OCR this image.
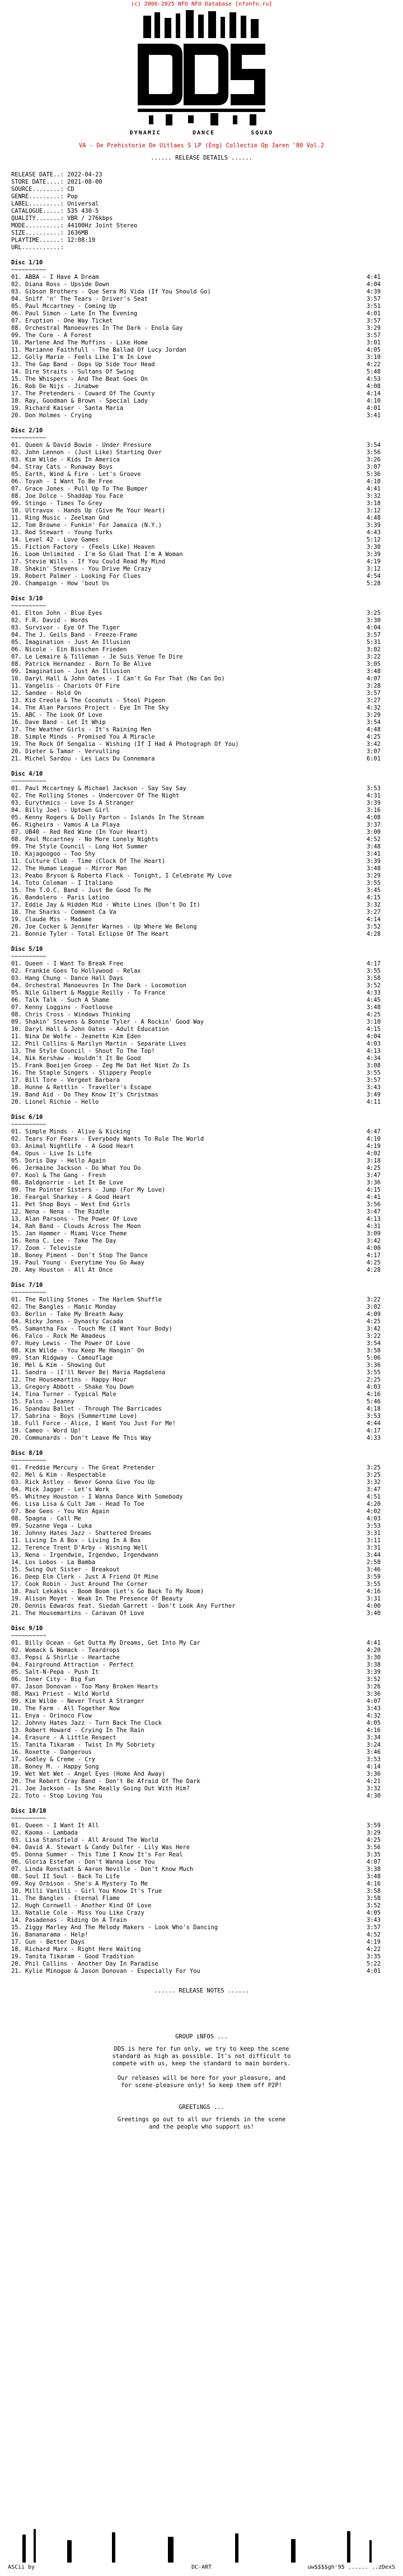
(c) 2006-2025 NFO NFO Database [nfonfo.ru]
DYNAMIC       DANCE        SQUAD
VA - De Prehistorie De Uitlaes S LP (Eng) Collectie Op Jaren '80 Vol.2
...... RELEASE DETAILS ......
RELEASE DATE..: 2022-04-23
STORE DATE....: 2021-08-00
SOURCE........: CD
GENRE.........: Pop
LABEL.........: Universal
CATALOGUE.....: 535 430-5
QUALITY.......: VBR / 276kbps
MODE..........: 44100Hz Joint Stereo
SIZE..........: 1636MB
PLAYTIME......: 12:08:19
URL...........:
Disc 1/10
~~~~~~~~~~
01. ABBA - I Have A Dream	4:41
02. Diana Ross - Upside Down	4:04
03. Gibson Brothers - Que Sera Mi Vida (If You Should Go)	4:39
04. Sniff 'n' The Tears - Driver's Seat	3:57
05. Paul Mccartney - Coming Up	3:51
06. Paul Simon - Late In The Evening	4:01
07. Eruption - One Way Ticket	3:57
08. Orchestral Manoeuvres In The Dark - Enola Gay	3:29
09. The Cure - A Forest	3:57
10. Marlene And The Muffins - Like Home	3:01
11. Marianne Faithfull - The Ballad Of Lucy Jordan	4:05
12. Golly Marie - Feels Like I'm In Love	3:10
13. The Gap Band - Oops Up Side Your Head	4:22
14. Dire Straits - Sultans Of Swing	5:48
15. The Whispers - And The Beat Goes On	4:53
16. Rob De Nijs - Jinabwe	4:08
17. The Pretenders - Coward Of The County	4:14
18. Ray, Goodman & Brown - Special Lady	4:10
19. Richard Kaiser - Santa Maria	4:01
20. Don Holmes - Crying	3:41
Disc 2/10
~~~~~~~~~~
01. Queen & David Bowie - Under Pressure	3:54
02. John Lennon - (Just Like) Starting Over	3:56
03. Kim Wilde - Kids In America	3:26
04. Stray Cats - Runaway Boys	3:07
05. Earth, Wind & Fire - Let's Groove	5:36
06. Toyah - I Want To Be Free	4:10
07. Grace Jones - Pull Up To The Bumper	4:41
08. Joe Dolce - Shaddap You Face	3:32
09. Stingo - Times To Grey	3:18
10. Ultravox - Hands Up (Give Me Your Heart)	3:12
11. Ring Music - Zeelman Gnd	4:48
12. Tom Browne - Funkin' For Jamaica (N.Y.)	3:39
13. Rod Stewart - Young Turks	4:43
14. Level 42 - Love Games	5:12
15. Fiction Factory - (Feels Like) Heaven	3:30
16. Loom Unlimited - I'm So Glad That I'm A Woman	3:39
17. Stevie Wills - If You Could Read My Mind	4:19
18. Shakin' Stevens - You Drive Me Crazy	3:12
19. Robert Palmer - Looking For Clues	4:54
20. Champaign - How 'bout Us	5:28
Disc 3/10
~~~~~~~~~~
01. Elton John - Blue Eyes	3:25
02. F.R. David - Words	3:30
03. Survivor - Eye Of The Tiger	4:04
04. The J. Geils Band - Freeze-Frame	3:57
05. Imagination - Just An Illusion	5:31
06. Nicole - Ein Bisschen Frieden	3:02
07. Le Lemaire & Tilleman - Je Suis Venue Te Dire	3:22
08. Patrick Hernandez - Born To Be Alive	3:05
09. Imagination - Just An Illusion	3:48
10. Daryl Hall & John Oates - I Can't Go For That (No Can Do)	4:07
11. Vangelis - Chariots Of Fire	3:28
12. Sandee - Hold On	3:57
13. Kid Creole & The Coconuts - Stool Pigeon	3:27
14. The Alan Parsons Project - Eye In The Sky	4:32
15. ABC - The Look Of Love	3:29
16. Dave Band - Let It Whip	3:54
17. The Weather Girls - It's Raining Men	4:48
18. Simple Minds - Promised You A Miracle	4:25
19. The Rock Of Sengalia - Wishing (If I Had A Photograph Of You)	3:42
20. Dieter & Tamar - Vervulling	3:07
21. Michel Sardou - Les Lacs Du Connemara	6:01
Disc 4/10
~~~~~~~~~~
01. Paul Mccartney & Michael Jackson - Say Say Say	3:53
02. The Rolling Stones - Undercover Of The Night	4:31
03. Eurythmics - Love Is A Stranger	3:39
04. Billy Joel - Uptown Girl	3:16
05. Kenny Rogers & Dolly Parton - Islands In The Stream	4:08
06. Righeira - Vamos A La Playa	3:37
07. UB40 - Red Red Wine (In Your Heart)	3:00
08. Paul Mccartney - No More Lonely Nights	4:52
09. The Style Council - Long Hot Summer	3:48
10. Kajagoogoo - Too Shy	3:41
11. Culture Club - Time (Clock Of The Heart)	3:39
12. The Human League - Mirror Man	3:48
13. Peabo Bryson & Roberta Flack - Tonight, I Celebrate My Love	3:29
14. Toto Coleman - I Italiano	3:55
15. The T.O.C. Band - Just Be Good To Me	3:45
16. Bandolero - Paris Latino	4:15
17. Eddie Jay & Hidden Mid - White Lines (Don't Do It)	3:32
18. The Sharks - Comment Ca Va	3:27
19. Claude Mis - Madame	4:14
20. Joe Cocker & Jennifer Warnes - Up Where We Belong	3:52
21. Bonnie Tyler - Total Eclipse Of The Heart	4:28
Disc 5/10
~~~~~~~~~~
01. Queen - I Want To Break Free	4:17
02. Frankie Goes To Hollywood - Relax	3:55
03. Hang Chung - Dance Hall Days	3:58
04. Orchestral Manoeuvres In The Dark - Locomotion	3:52
05. Nile Gilbert & Maggie Reilly - To France	4:33
06. Talk Talk - Such A Shame	4:45
07. Kenny Loggins - Footloose	3:48
08. Chris Cross - Windows Thinking	4:25
09. Shakin' Stevens & Bonnie Tyler - A Rockin' Good Way	3:10
10. Daryl Hall & John Oates - Adult Education	4:15
11. Nina De Wolfe - Jeanette Kim Eden	4:04
12. Phil Collins & Marilyn Martin - Separate Lives	4:03
13. The Style Council - Shout To The Top!	4:13
14. Nik Kershaw - Wouldn't It Be Good	4:34
15. Frank Boeijen Groep - Zeg Me Dat Het Niet Zo Is	3:08
16. The Staple Singers - Slippery People	3:55
17. Bill Tore - Vergeet Barbara	3:57
18. Hunne & Rettlin - Traveller's Escape	3:43
19. Band Aid - Do They Know It's Christmas	3:49
20. Lionel Richie - Hello	4:11
Disc 6/10
~~~~~~~~~~
01. Simple Minds - Alive & Kicking	4:47
02. Tears For Fears - Everybody Wants To Rule The World	4:10
03. Animal Nightlife - A Good Heart	4:19
04. Opus - Live Is Life	4:02
05. Doris Day - Hello Again	3:18
06. Jermaine Jackson - Do What You Do	4:25
07. Kool & The Gang - Fresh	3:47
08. Baldgnorrie - Let It Be Love	3:36
09. The Pointer Sisters - Jump (For My Love)	4:15
10. Feargal Sharkey - A Good Heart	4:41
11. Pet Shop Boys - West End Girls	3:56
12. Nena - Nena - The Riddle	3:47
13. Alan Parsons - The Power Of Love	4:13
14. Rah Band - Clouds Across The Moon	4:31
15. Jan Hammer - Miami Vice Theme	3:09
16. Rena C. Lee - Take The Day	3:42
17. Zoom - Televisie	4:00
18. Boney Piment - Don't Stop The Dance	4:17
19. Paul Young - Everytime You Go Away	4:25
20. Amy Houston - All At Once	4:28
Disc 7/10
~~~~~~~~~~
01. The Rolling Stones - The Harlem Shuffle	3:22
02. The Bangles - Manic Monday	3:02
03. Berlin - Take My Breath Away	4:09
04. Ricky Jones - Dynasty Cacada	4:25
05. Samantha Fox - Touch Me (I Want Your Body)	3:42
06. Falco - Rock Me Amadeus	3:22
07. Huey Lewis - The Power Of Love	3:54
08. Kim Wilde - You Keep Me Hangin' On	3:58
09. Stan Ridgway - Camouflage	5:06
10. Mel & Kim - Showing Out	3:36
11. Sandra - (I'll Never Be) Maria Magdalena	3:55
12. The Housemartins - Happy Hour	2:25
13. Gregory Abbott - Shake You Down	4:03
14. Tina Turner - Typical Male	4:16
15. Falco - Jeanny	5:46
16. Spandau Ballet - Through The Barricades	4:18
17. Sabrina - Boys (Summertime Love)	3:53
18. Full Force - Alice, I Want You Just For Me!	4:44
19. Cameo - Word Up!	4:17
20. Communards - Don't Leave Me This Way	4:33
Disc 8/10
~~~~~~~~~~
01. Freddie Mercury - The Great Pretender	3:25
02. Mel & Kim - Respectable	3:25
03. Rick Astley - Never Gonna Give You Up	3:32
04. Mick Jagger - Let's Work	3:47
05. Whitney Houston - I Wanna Dance With Somebody	4:51
06. Lisa Lisa & Cult Jam - Head To Toe	4:20
07. Bee Gees - You Win Again	4:02
08. Spagna - Call Me	4:03
09. Suzanne Vega - Luka	3:53
10. Johnny Hates Jazz - Shattered Dreams	3:31
11. Living In A Box - Living In A Box	3:11
12. Terence Trent D'Arby - Wishing Well	3:31
13. Nena - Irgendwie, Irgendwo, Irgendwann	3:44
14. Los Lobos - La Bamba	2:58
15. Swing Out Sister - Breakout	3:46
16. Deep Elm Clerk - Just A Friend Of Mine	3:59
17. Cook Robin - Just Around The Corner	3:55
18. Paul Lekakis - Boom Boom (Let's Go Back To My Room)	4:16
19. Alison Moyet - Weak In The Presence Of Beauty	3:31
20. Dennis Edwards feat. Siedah Garrett - Don't Look Any Further	4:00
21. The Housemartins - Caravan Of Love	3:40
Disc 9/10
~~~~~~~~~~
01. Billy Ocean - Get Outta My Dreams, Get Into My Car	4:41
02. Womack & Womack - Teardrops	4:20
03. Pepsi & Shirlie - Heartache	3:30
04. Fairground Attraction - Perfect	3:38
05. Salt-N-Pepa - Push It	3:39
06. Inner City - Big Fun	3:52
07. Jason Donovan - Too Many Broken Hearts	3:26
08. Maxi Priest - Wild World	3:36
09. Kim Wilde - Never Trust A Stranger	4:07
10. The Farm - All Together Now	3:43
11. Enya - Orinoco Flow	4:32
12. Johnny Hates Jazz - Turn Back The Clock	4:05
13. Robert Howard - Crying In The Rain	4:16
14. Erasure - A Little Respect	3:34
15. Tanita Tikaram - Twist In My Sobriety	3:24
16. Roxette - Dangerous	3:46
17. Godley & Creme - Cry	3:53
18. Boney M. - Happy Song	4:14
19. Wet Wet Wet - Angel Eyes (Home And Away)	3:36
20. The Robert Cray Band - Don't Be Afraid Of The Dark	4:21
21. Joe Jackson - Is She Really Going Out With Him?	3:32
22. Toto - Stop Loving You	4:30
Disc 10/10
~~~~~~~~~~
01. Queen - I Want It All	3:59
02. Kaoma - Lambada	3:29
03. Lisa Stansfield - All Around The World	4:25
04. David A. Stewart & Candy Dulfer - Lily Was Here	3:56
05. Donna Summer - This Time I Know It's For Real	3:35
06. Gloria Estefan - Don't Wanna Lose You	4:07
07. Linda Ronstadt & Aaron Neville - Don't Know Much	3:38
08. Soul II Soul - Back To Life	3:48
09. Roy Orbison - She's A Mystery To Me	4:16
10. Milli Vanilli - Girl You Know It's True	3:58
11. The Bangles - Eternal Flame	3:58
12. Hugh Cornwell - Another Kind Of Love	3:52
13. Natalie Cole - Miss You Like Crazy	4:05
14. Pasadenas - Riding On A Train	3:43
15. Ziggy Marley And The Melody Makers - Look Who's Dancing	3:57
16. Bananarama - Help!	4:52
17. Gun - Better Days	4:19
18. Richard Marx - Right Here Waiting	4:22
19. Tanita Tikaram - Good Tradition	3:35
20. Phil Collins - Another Day In Paradise	5:22
21. Kylie Minogue & Jason Donovan - Especially For You	4:01
...... RELEASE NOTES ......
GROUP iNFOS ...
DDS is here for fun only, we try to keep the scene
standard as high as possible. It's not difficult to
compete with us, keep the standard to main borders.
Our releases will be here for your pleasure, and
for scene-pleasure only! So keep them off P2P!
GREETiNGS ...
Greetings go out to all our friends in the scene
and the people who support us!
ASCii by	DC-ART	uw$$$$gh'95 ...... ..zDexS
